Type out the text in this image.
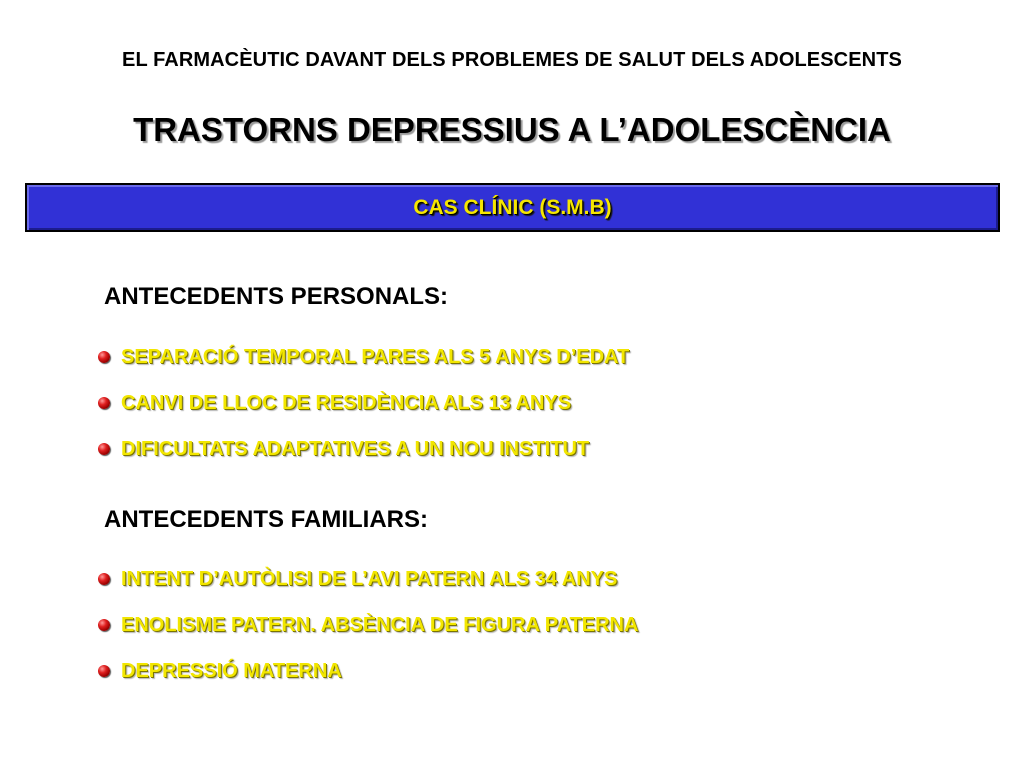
EL FARMACÈUTIC DAVANT DELS PROBLEMES DE SALUT DELS ADOLESCENTS
TRASTORNS DEPRESSIUS A L’ADOLESCÈNCIA
CAS CLÍNIC (S.M.B)
ANTECEDENTS PERSONALS:
SEPARACIÓ TEMPORAL PARES ALS 5 ANYS D’EDAT
CANVI DE LLOC DE RESIDÈNCIA ALS 13 ANYS
DIFICULTATS ADAPTATIVES A UN NOU INSTITUT
ANTECEDENTS FAMILIARS:
INTENT D’AUTÒLISI DE L’AVI PATERN ALS 34 ANYS
ENOLISME PATERN. ABSÈNCIA DE FIGURA PATERNA
DEPRESSIÓ MATERNA
